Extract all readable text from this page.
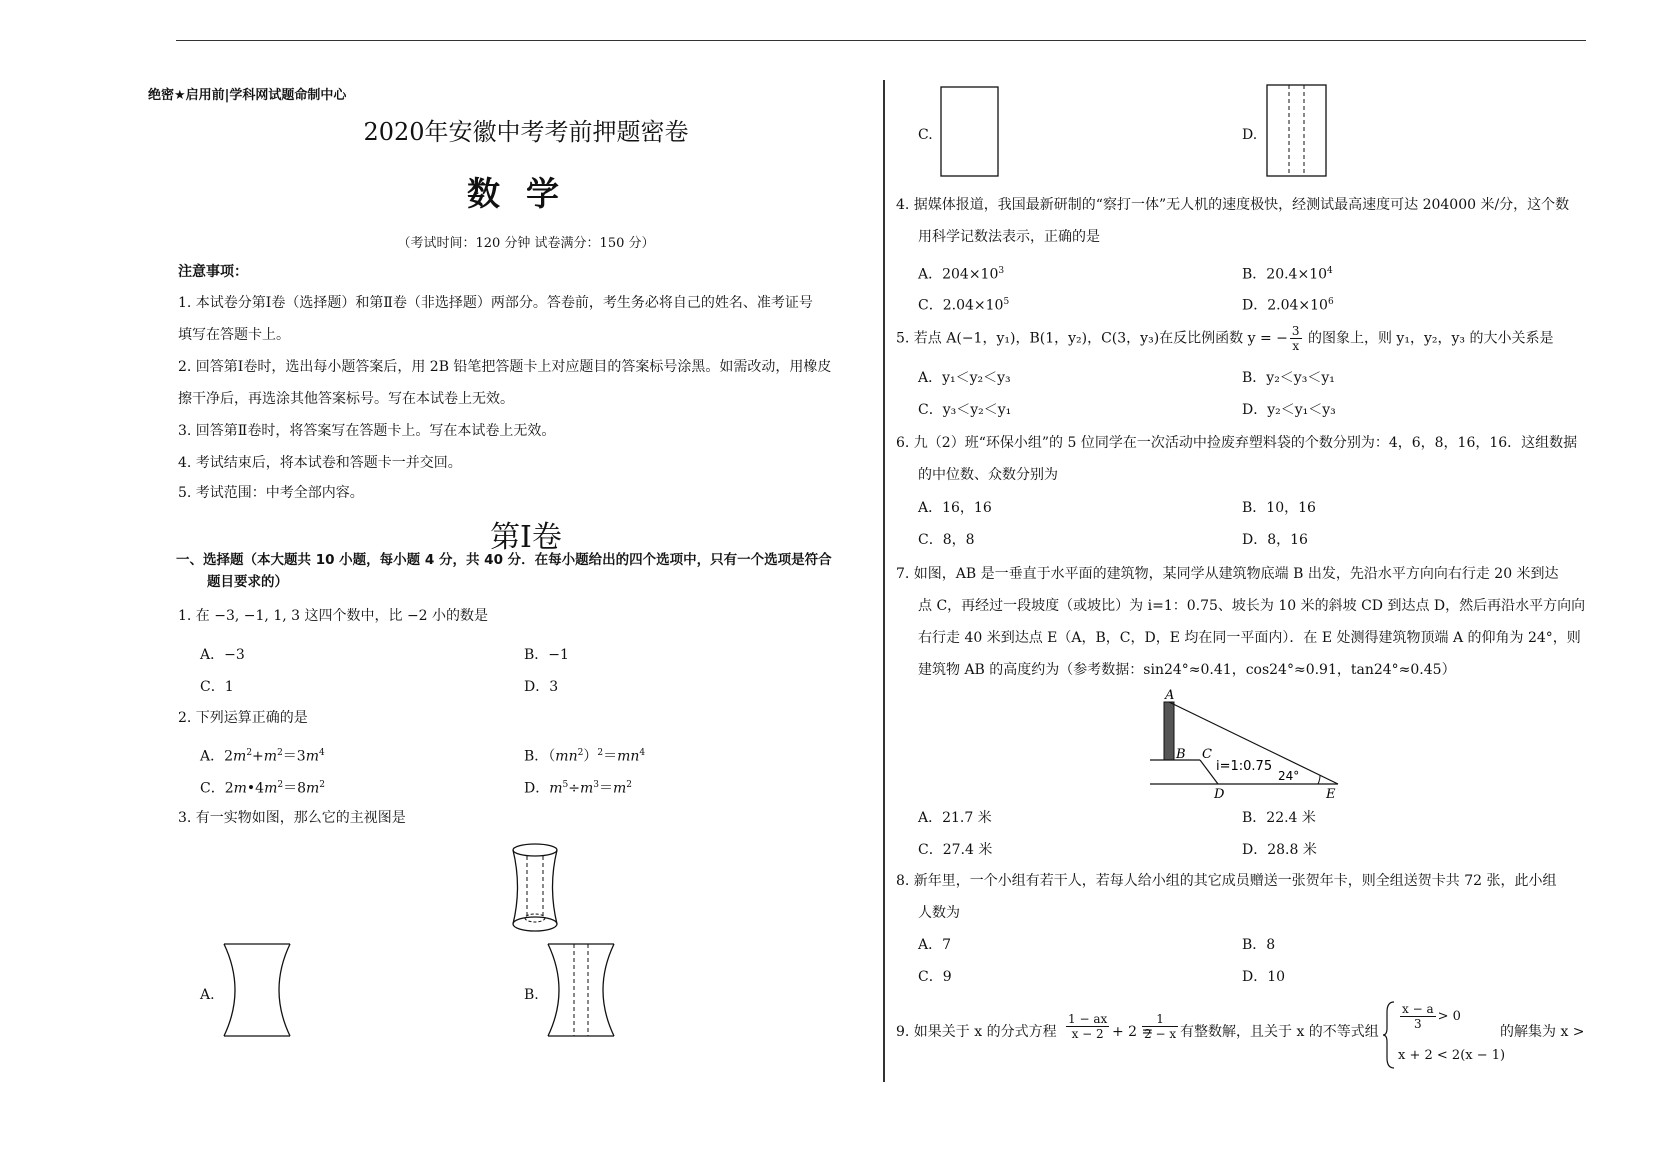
绝密★启用前|学科网试题命制中心
2020年安徽中考考前押题密卷
数学
（考试时间：120 分钟 试卷满分：150 分）
注意事项：
1. 本试卷分第Ⅰ卷（选择题）和第Ⅱ卷（非选择题）两部分。答卷前，考生务必将自己的姓名、准考证号
填写在答题卡上。
2. 回答第Ⅰ卷时，选出每小题答案后，用 2B 铅笔把答题卡上对应题目的答案标号涂黑。如需改动，用橡皮
擦干净后，再选涂其他答案标号。写在本试卷上无效。
3. 回答第Ⅱ卷时，将答案写在答题卡上。写在本试卷上无效。
4. 考试结束后，将本试卷和答题卡一并交回。
5. 考试范围：中考全部内容。
第Ⅰ卷
一、选择题（本大题共 10 小题，每小题 4 分，共 40 分．在每小题给出的四个选项中，只有一个选项是符合
题目要求的）
1. 在 −3, −1, 1, 3 这四个数中，比 −2 小的数是
A．−3	B．−1
C．1	D．3
2. 下列运算正确的是
A．$2m^2+m^2=3m^4$	B．$(mn^2)^2=mn^4$
C．$2m•4m^2=8m^2$	D．$m^5\div m^3=m^2$
3. 有一实物如图，那么它的主视图是
A.	B.
C.	D.
4. 据媒体报道，我国最新研制的“察打一体”无人机的速度极快，经测试最高速度可达 204000 米/分，这个数
用科学记数法表示，正确的是
A．$204\times 10^3$	B．$20.4\times 10^4$
C．$2.04\times 10^5$	D．$2.04\times 10^6$
5. 若点 A(−1，y₁)，B(1，y₂)，C(3，y₃)在反比例函数 y = − $\frac{3}{x}$ 的图象上，则 y₁，y₂，y₃ 的大小关系是
A．y₁＜y₂＜y₃	B．y₂＜y₃＜y₁
C．y₃＜y₂＜y₁	D．y₂＜y₁＜y₃
6. 九（2）班“环保小组”的 5 位同学在一次活动中捡废弃塑料袋的个数分别为：4，6，8，16，16．这组数据
的中位数、众数分别为
A．16，16	B．10，16
C．8，8	D．8，16
7. 如图，AB 是一垂直于水平面的建筑物，某同学从建筑物底端 B 出发，先沿水平方向向右行走 20 米到达
点 C，再经过一段坡度（或坡比）为 i=1：0.75、坡长为 10 米的斜坡 CD 到达点 D，然后再沿水平方向向
右行走 40 米到达点 E（A，B，C，D，E 均在同一平面内）．在 E 处测得建筑物顶端 A 的仰角为 24°，则
建筑物 AB 的高度约为（参考数据：sin24°≈0.41，cos24°≈0.91，tan24°≈0.45）
A
B C
D	E
i=1:0.75
24°
A．21.7 米	B．22.4 米
C．27.4 米	D．28.8 米
8. 新年里，一个小组有若干人，若每人给小组的其它成员赠送一张贺年卡，则全组送贺卡共 72 张，此小组
人数为
A．7	B．8
C．9	D．10
9. 如果关于 x 的分式方程 $\frac{1 - ax}{x - 2} + 2$ =
$\frac{1}{2 - x}$ 有整数解，且关于 x 的不等式组
$\frac{x - a}{3} > 0$
x + 2 < 2(x − 1)
的解集为 x >
